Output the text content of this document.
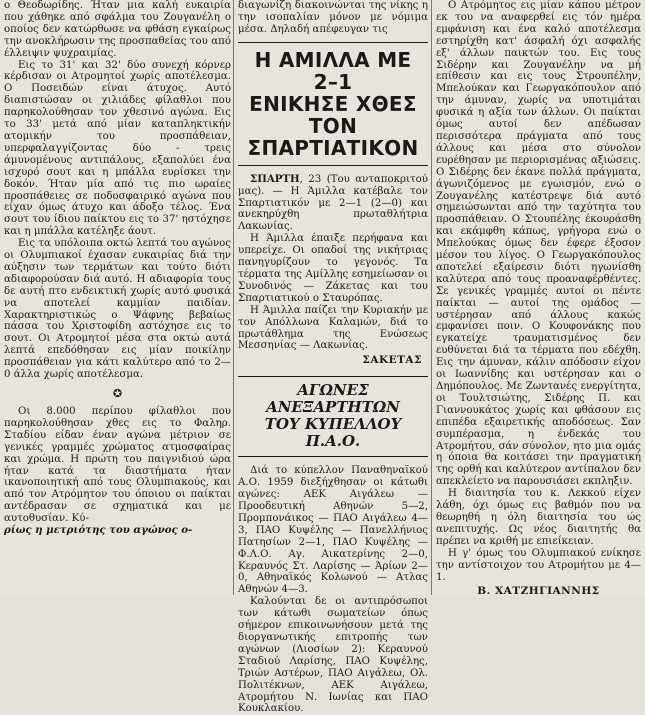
ο Θεοδωρίδης. Ήταν μια καλή ευκαιρία που χάθηκε από σφάλμα του Ζουγανέλη ο οποίος δεν κατώρθωσε να φθάση εγκαίρως την ανοκλήρωσιν της προσπαθείας του από έλλειψιν ψυχραιμίας.

Εις το 31' και 32' δύο συνεχή κόρνερ κέρδισαν οι Ατρομητοί χωρίς αποτέλεσμα. Ο Ποσειδών είναι άτυχος. Αυτό διαπιστώσαν οι χιλιάδες φίλαθλοι που παρηκολούθησαν τον χθεσινό αγώνα. Εις το 33' μετά από μίαν καταπληκτικήν ατομικήν του προσπάθειαν, υπερφαλαγγίζοντας δύο - τρεις άμυνομένους αντιπάλους, εξαπολύει ένα ισχυρό σουτ και η μπάλλα ευρίσκει την δοκόν. Ήταν μία από τις πιο ωραίες προσπάθειες σε ποδοσφαιρικό αγώνα που είχαν όμως άτυχο και άδοξο τέλος. Ένα σουτ του ίδιου παίκτου εις το 37' ηστόχησε και η μπάλλα κατέληξε άουτ.

Εις τα υπόλοιπα οκτώ λεπτά του αγώνος οι Ολυμπιακοί έχασαν ευκαιρίας διά την αύξησιν των τερμάτων και τούτο διότι αδιαφορούσαν διά αυτό. Η αδιαφορία τους δε αυτή πτο ενδεικτική χωρίς αυτό φυσικά να αποτελεί καμμίαν παιδίαν. Χαρακτηριστικώς ο Ψάφνης βεβαίως πάσσα του Χριστοφίδη αστόχησε εις το σουτ. Οι Ατρομητοί μέσα στα οκτώ αυτά λεπτά επεδόθησαν εις μίαν ποικίλην προσπάθειαν για κάτι καλύτερο από το 2—0 άλλα χωρίς αποτέλεσμα.

✪

Οι 8.000 περίπου φίλαθλοι που παρηκολούθησαν χθες εις το Φαληρ. Σταδίου είδαν έναν αγώνα μέτριον σε γενικές γραμμές χρώματος ατμοσφαίρας και χρώμα. Η πρώτη του παιγνιδιού ώρα ήταν κατά τα διαστήματα ήταν ικανοποιητική από τους Ολυμπιακούς, και από τον Ατρόμητον του όποιου οι παίκται αντέδρασαν σε σχηματικά και με αυτοθυσίαν. Κύ-

ρίως η μετριότης του αγώνος ο-

διαγωνίζη διακοινώνται της νίκης η την ισοπαλίαν μόνον με νόμιμα μέσα. Δηλαδή απέφευγαν τις

Η ΑΜΙΛΛΑ ΜΕ 2–1
ΕΝΙΚΗΣΕ ΧΘΕΣ
ΤΟΝ ΣΠΑΡΤΙΑΤΙΚΟΝ

ΣΠΑΡΤΗ, 23 (Του ανταποκριτού μας). — Η Άμιλλα κατέβαλε τον Σπαρτιατικόν με 2—1 (2—0) και ανεκηρύχθη πρωταθλήτρια Λακωνίας.

Η Άμιλλα έπαιξε περήφανα και υπερείχε. Οι οπαδοί της νικήτριας πανηγυρίζουν το γεγονός. Τα τέρματα της Αμίλλης εσημείωσαν οι Συνοδινός — Ζάκετας και του Σπαρτιατικού ο Σταυρόπας.

Η Άμιλλα παίζει την Κυριακήν με τον Απόλλωνα Καλαμών, διά το πρωτάθλημα της Ενώσεως Μεσσηνίας — Λακωνίας.

ΣΑΚΕΤΑΣ
ΑΓΩΝΕΣ ΑΝΕΞΑΡΤΗΤΩΝ
ΤΟΥ ΚΥΠΕΛΛΟΥ Π.Α.Ο.

Διά το κύπελλον Παναθηναϊκού Α.Ο. 1959 διεξήχθησαν οι κάτωθι αγώνες: ΑΕΚ Αιγάλεω — Προοδευτική Αθηνών 5—2, Προμπονάικος — ΠΑΟ Αιγάλεω 4—3, ΠΑΟ Κυψέλης — Πανελλήνιος Πατησίων 2—1, ΠΑΟ Κυψέλης — Φ.Λ.Ο. Αγ. Αικατερίνης 2—0, Κεραυνός Στ. Λαρίσης — Άρίων 2—0, Αθηναϊκός Κολωνού — Ατλας Αθηνών 4—3.

Καλούνται δε οι αντιπρόσωποι των κάτωθι σωματείων όπως σήμερον επικοινωνήσουν μετά της διοργανωτικής επιτροπής των αγώνων (Λιοσίων 2): Κεραυνού Σταδιού Λαρίσης, ΠΑΟ Κυψέλης, Τριών Αστέρων, ΠΑΟ Αιγάλεω, Ολ. Πολιτέκνων, ΑΕΚ Αιγάλεω, Ατρομήτου Ν. Ιωνίας και ΠΑΟ Κουκλακίου.

Ο Ατρόμητος εις μίαν κάπου μέτρον εκ του να αναφερθεί εις τόν ημέρα εμφάνιση και ένα καλό αποτέλεσμα εστηρίχθη κατ' άσφαλή όχι ασφαλής εξ' άλλων παικτών του. Εις τους Σιδέρην και Ζουγανέλην να μή επίθεσιν και εις τους Στρουπέλην, Μπελούκαν και Γεωργακόπουλον από την άμυναν, χωρίς να υποτιμάται φυσικά η αξία των άλλων. Οι παίκται όμως αυτοί δεν απέδωσαν περισσότερα πράγματα από τους άλλους και μέσα στο σύνολον ευρέθησαν με περιορισμένας αξιώσεις. Ο Σιδέρης δεν έκανε πολλά πράγματα, άγωνιζόμενος με εγωισμόν, ενώ ο Ζουγανέλης κατέστρεψε διά αυτό σημειώσωνται από την ταχύτητα του προσπάθειαν. Ο Στουπέλης έκουράσθη και εκάμφθη κάπως, γρήγορα ενώ ο Μπελούκας όμως δεν έφερε έξοσον μέσον του λίγος. Ο Γεωργακόπουλος αποτελεί εξαίρεσιν διότι ηγωνίσθη καλύτερα από τους προαναφέρθέντες. Σε γενικές γραμμές αυτοί οι πέντε παίκται — αυτοί της ομάδος — υστέρησαν από άλλους κακώς εμφανίσει ποιν. Ο Κουφονάκης που εγκατείχε τραυματισμένος δεν ευθύνεται διά τα τέρματα που εδέχθη. Εις την άμυναν, κάλιν απόδοσιν είχον οι Ιωαννίδης και υστέρησαν και ο Δημόπουλος. Με Ζωντανές ενεργίτητα, οι Τουλτσιώτης, Σιδέρης Π. και Γιαννουκάτος χωρίς και φθάσουν εις επιπέδα εξαιρετικής αποδόσεως. Σαν συμπέρασμα, η ένδεκάς του Ατρομήτου, σάν σύνολον, ητο μια ομάς η όποια θα κοιτάσει την πραγματική της ορθή και καλύτερον αντίπαλον δεν απεκλείετο να παρουσιάσει εκπληξιν.

Η διαιτησία του κ. Λεκκού είχεν λάθη, όχι όμως εις βαθμόν που να θεωρηθή η όλη διαιτησία του ώς ανεπιτυχής. Ως νέος διαιτητής θα πρέπει να κριθή με επιείκειαν.

Η γ' όμως του Ολυμπιακού ενίκησε την αντίστοιχον του Ατρομήτου με 4—1.

Β. ΧΑΤΖΗΓΙΑΝΝΗΣ
